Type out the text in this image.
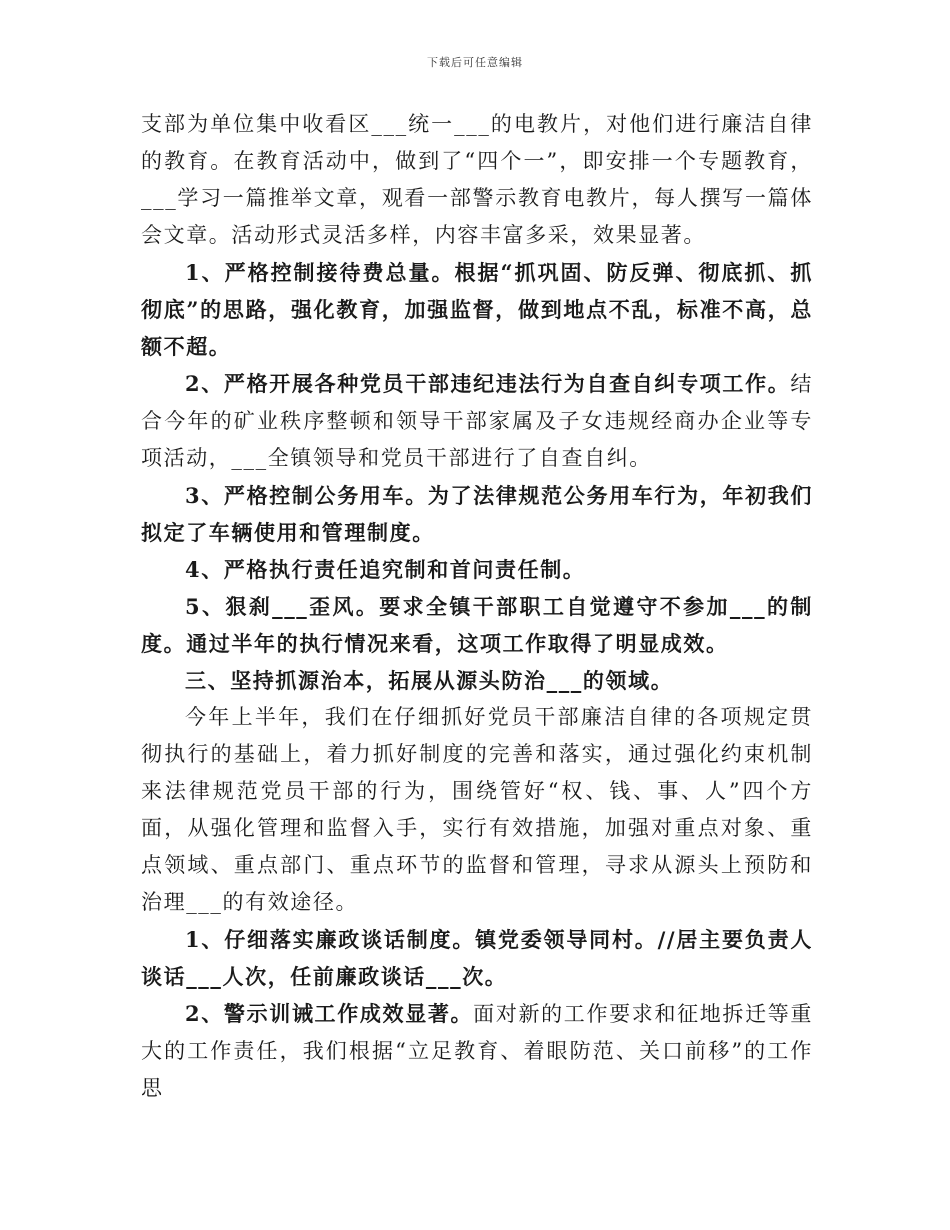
下载后可任意编辑

支部为单位集中收看区___统一___的电教片，对他们进行廉洁自律的教育。在教育活动中，做到了“四个一”，即安排一个专题教育，___学习一篇推举文章，观看一部警示教育电教片，每人撰写一篇体会文章。活动形式灵活多样，内容丰富多采，效果显著。

1、严格控制接待费总量。根据“抓巩固、防反弹、彻底抓、抓彻底”的思路，强化教育，加强监督，做到地点不乱，标准不高，总额不超。

2、严格开展各种党员干部违纪违法行为自查自纠专项工作。结合今年的矿业秩序整顿和领导干部家属及子女违规经商办企业等专项活动，___全镇领导和党员干部进行了自查自纠。

3、严格控制公务用车。为了法律规范公务用车行为，年初我们拟定了车辆使用和管理制度。

4、严格执行责任追究制和首问责任制。

5、狠刹___歪风。要求全镇干部职工自觉遵守不参加___的制度。通过半年的执行情况来看，这项工作取得了明显成效。

三、坚持抓源治本，拓展从源头防治___的领域。

今年上半年，我们在仔细抓好党员干部廉洁自律的各项规定贯彻执行的基础上，着力抓好制度的完善和落实，通过强化约束机制来法律规范党员干部的行为，围绕管好“权、钱、事、人”四个方面，从强化管理和监督入手，实行有效措施，加强对重点对象、重点领域、重点部门、重点环节的监督和管理，寻求从源头上预防和治理___的有效途径。

1、仔细落实廉政谈话制度。镇党委领导同村。//居主要负责人谈话___人次，任前廉政谈话___次。

2、警示训诫工作成效显著。面对新的工作要求和征地拆迁等重大的工作责任，我们根据“立足教育、着眼防范、关口前移”的工作思
